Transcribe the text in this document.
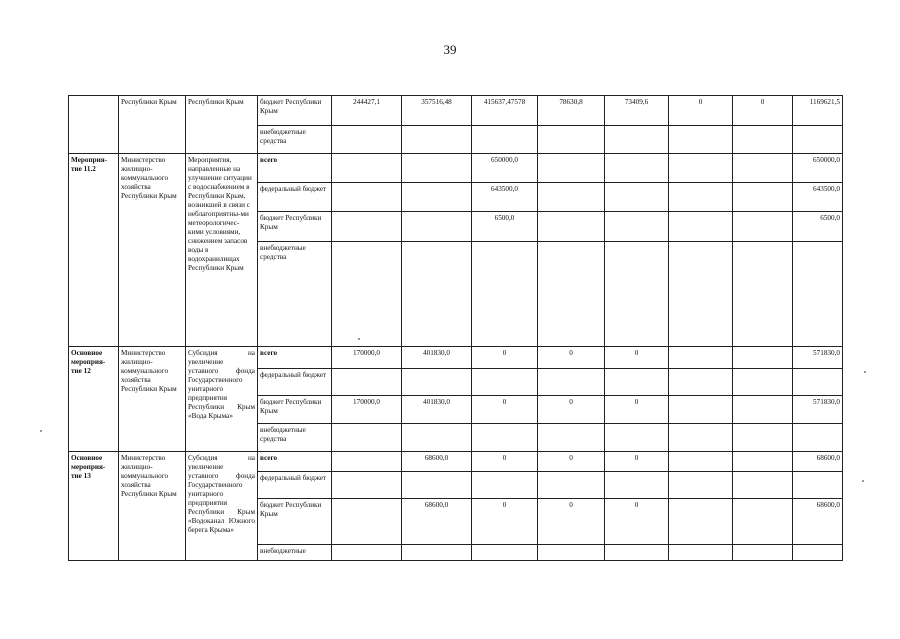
39
	Республики Крым	Республики Крым	бюджет Республики Крым	244427,1	357516,48	415637,47578	78630,8	73409,6	0	0	1169621,5
			внебюджетные средства								
Мероприя-тие 11.2	Министерство жилищно-коммунального хозяйства Республики Крым	Мероприятия, направленные на улучшение ситуации с водоснабжением в Республики Крым, возникшей в связи с неблагоприятны-ми метеорологичес-кими условиями, снижением запасов воды в водохранилищах Республики Крым	всего			650000,0					650000,0
			федеральный бюджет			643500,0					643500,0
			бюджет Республики Крым			6500,0					6500,0
			внебюджетные средства								
Основное мероприя-тие 12	Министерство жилищно-коммунального хозяйства Республики Крым	Субсидия на увеличение уставного фонда Государственного унитарного предприятия Республики Крым «Вода Крыма»	всего	170000,0	401830,0	0	0	0			571830,0
			федеральный бюджет								
			бюджет Республики Крым	170000,0	401830,0	0	0	0			571830,0
			внебюджетные средства								
Основное мероприя-тие 13	Министерство жилищно-коммунального хозяйства Республики Крым	Субсидия на увеличение уставного фонда Государственного унитарного предприятия Республики Крым «Водоканал Южного берега Крыма»	всего		68600,0	0	0	0			68600,0
			федеральный бюджет								
			бюджет Республики Крым		68600,0	0	0	0			68600,0
			внебюджетные								
